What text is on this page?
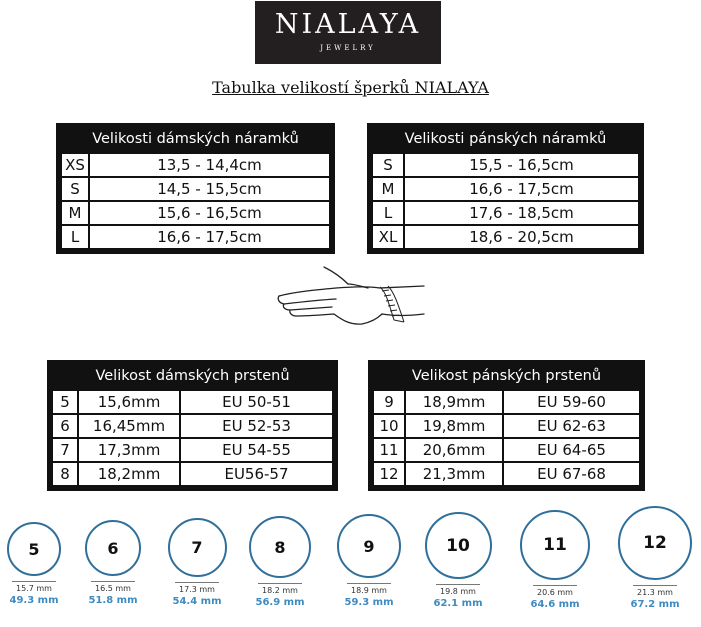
NIALAYA
JEWELRY
Tabulka velikostí šperků NIALAYA
Velikosti dámských náramků
XS	13,5 - 14,4cm
S	14,5 - 15,5cm
M	15,6 - 16,5cm
L	16,6 - 17,5cm
Velikosti pánských náramků
S	15,5 - 16,5cm
M	16,6 - 17,5cm
L	17,6 - 18,5cm
XL	18,6 - 20,5cm
Velikost dámských prstenů
5	15,6mm	EU 50-51
6	16,45mm	EU 52-53
7	17,3mm	EU 54-55
8	18,2mm	EU56-57
Velikost pánských prstenů
9	18,9mm	EU 59-60
10	19,8mm	EU 62-63
11	20,6mm	EU 64-65
12	21,3mm	EU 67-68
5
15.7 mm
49.3 mm
6
16.5 mm
51.8 mm
7
17.3 mm
54.4 mm
8
18.2 mm
56.9 mm
9
18.9 mm
59.3 mm
10
19.8 mm
62.1 mm
11
20.6 mm
64.6 mm
12
21.3 mm
67.2 mm
